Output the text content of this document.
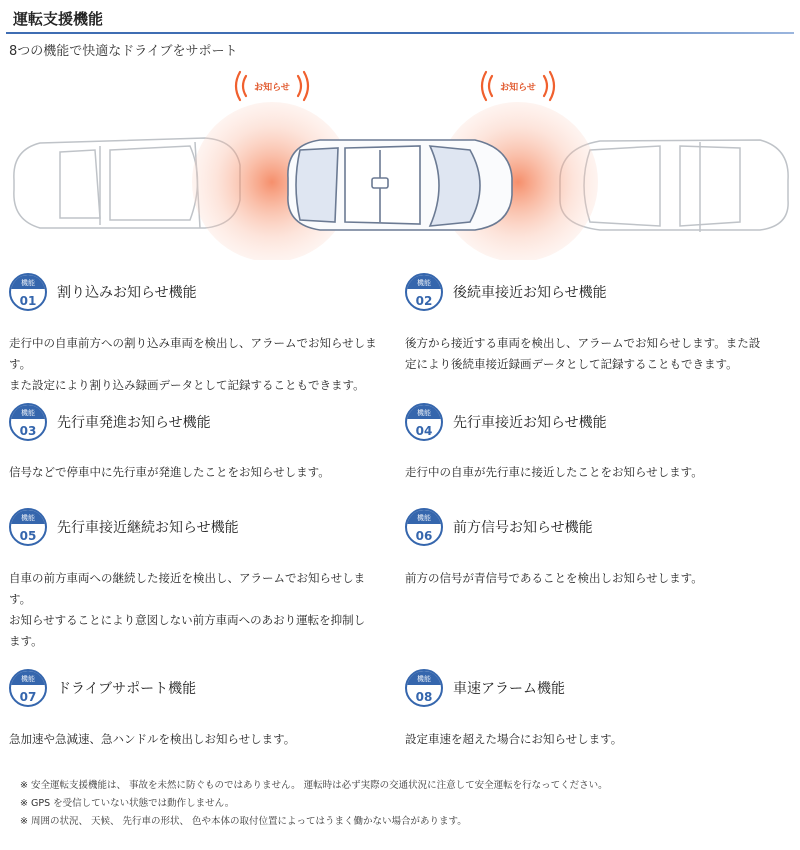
運転支援機能
8つの機能で快適なドライブをサポート
お知らせ	お知らせ
機能
01	割り込みお知らせ機能
走行中の自車前方への割り込み車両を検出し、アラームでお知らせしま
す。
また設定により割り込み録画データとして記録することもできます。
機能
02	後続車接近お知らせ機能
後方から接近する車両を検出し、アラームでお知らせします。また設
定により後続車接近録画データとして記録することもできます。
機能
03	先行車発進お知らせ機能
信号などで停車中に先行車が発進したことをお知らせします。
機能
04	先行車接近お知らせ機能
走行中の自車が先行車に接近したことをお知らせします。
機能
05	先行車接近継続お知らせ機能
自車の前方車両への継続した接近を検出し、アラームでお知らせしま
す。
お知らせすることにより意図しない前方車両へのあおり運転を抑制し
ます。
機能
06	前方信号お知らせ機能
前方の信号が青信号であることを検出しお知らせします。
機能
07	ドライブサポート機能
急加速や急減速、急ハンドルを検出しお知らせします。
機能
08	車速アラーム機能
設定車速を超えた場合にお知らせします。
※ 安全運転支援機能は、 事故を未然に防ぐものではありません。 運転時は必ず実際の交通状況に注意して安全運転を行なってください。
※ GPS を受信していない状態では動作しません。
※ 周囲の状況、 天候、 先行車の形状、 色や本体の取付位置によってはうまく働かない場合があります。
